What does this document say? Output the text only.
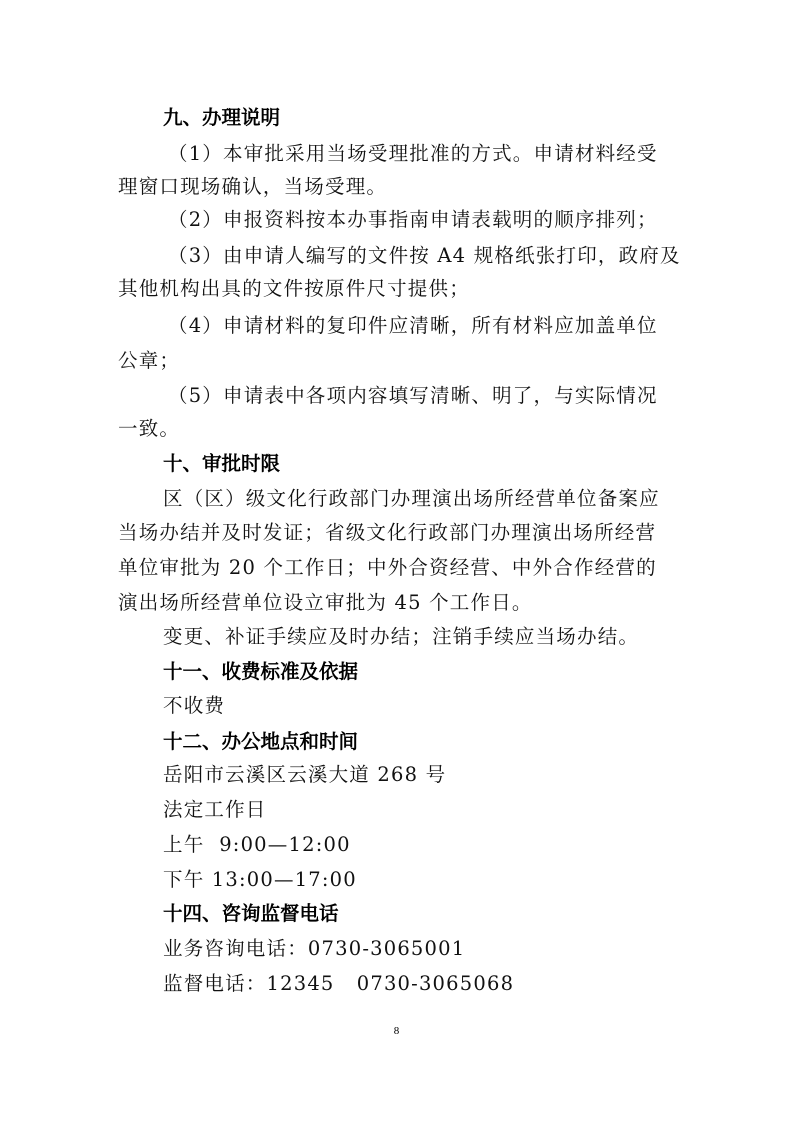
九、办理说明
（1）本审批采用当场受理批准的方式。申请材料经受
理窗口现场确认，当场受理。
（2）申报资料按本办事指南申请表载明的顺序排列；
（3）由申请人编写的文件按 A4 规格纸张打印，政府及
其他机构出具的文件按原件尺寸提供；
（4）申请材料的复印件应清晰，所有材料应加盖单位
公章；
（5）申请表中各项内容填写清晰、明了，与实际情况
一致。
十、审批时限
区（区）级文化行政部门办理演出场所经营单位备案应
当场办结并及时发证；省级文化行政部门办理演出场所经营
单位审批为 20 个工作日；中外合资经营、中外合作经营的
演出场所经营单位设立审批为 45 个工作日。
变更、补证手续应及时办结；注销手续应当场办结。
十一、收费标准及依据
不收费
十二、办公地点和时间
岳阳市云溪区云溪大道 268 号
法定工作日
上午  9:00—12:00
下午 13:00—17:00
十四、咨询监督电话
业务咨询电话：0730-3065001
监督电话：12345   0730-3065068
8
